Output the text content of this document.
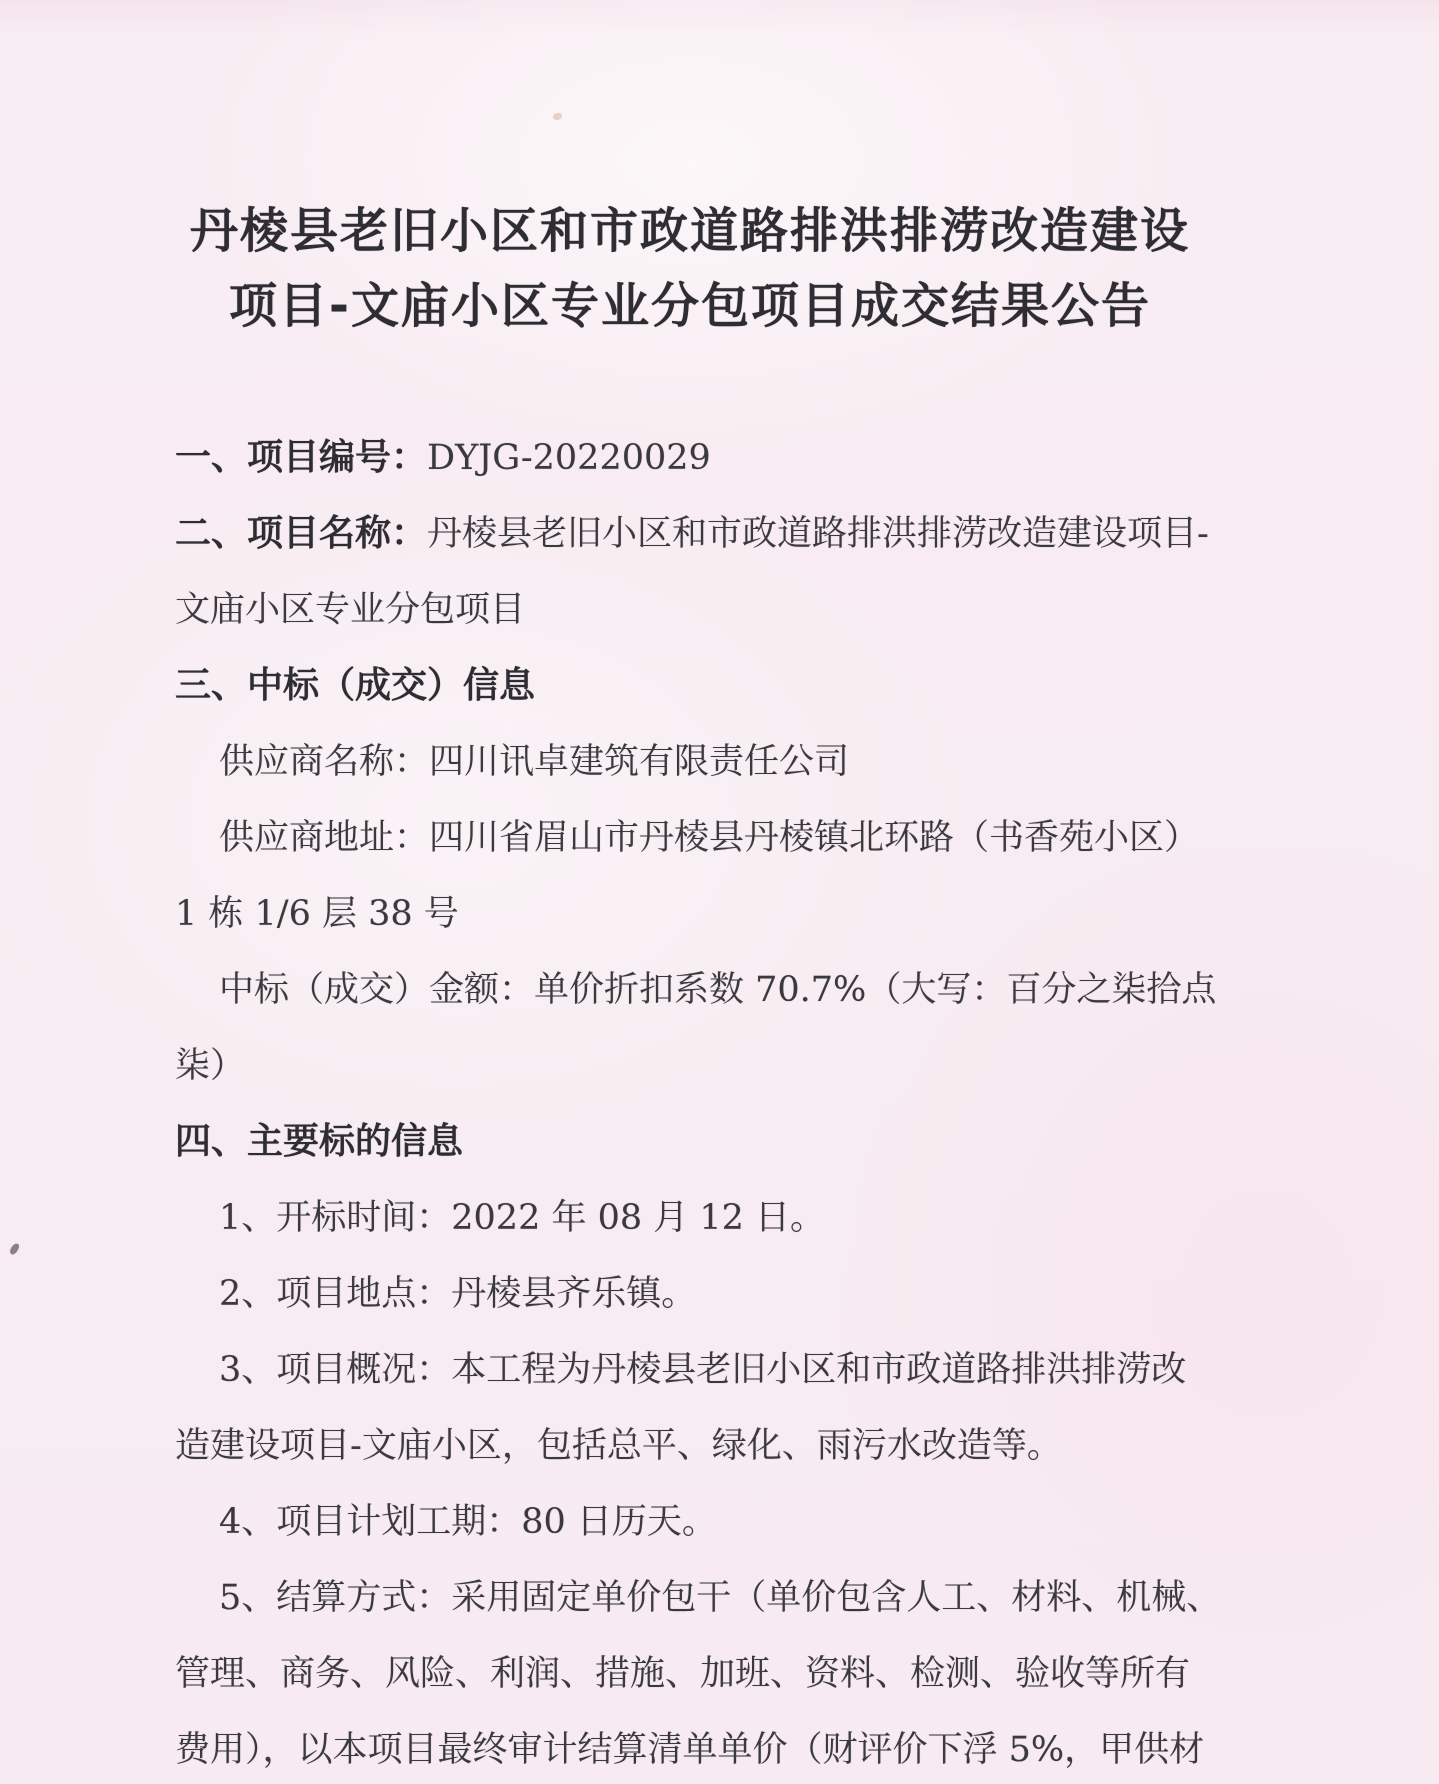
丹棱县老旧小区和市政道路排洪排涝改造建设
项目-文庙小区专业分包项目成交结果公告
一、项目编号：DYJG-20220029
二、项目名称：丹棱县老旧小区和市政道路排洪排涝改造建设项目-
文庙小区专业分包项目
三、中标（成交）信息
供应商名称：四川讯卓建筑有限责任公司
供应商地址：四川省眉山市丹棱县丹棱镇北环路（书香苑小区）
1 栋 1/6 层 38 号
中标（成交）金额：单价折扣系数 70.7%（大写：百分之柒拾点
柒）
四、主要标的信息
1、开标时间：2022 年 08 月 12 日。
2、项目地点：丹棱县齐乐镇。
3、项目概况：本工程为丹棱县老旧小区和市政道路排洪排涝改
造建设项目-文庙小区，包括总平、绿化、雨污水改造等。
4、项目计划工期：80 日历天。
5、结算方式：采用固定单价包干（单价包含人工、材料、机械、
管理、商务、风险、利润、措施、加班、资料、检测、验收等所有
费用），以本项目最终审计结算清单单价（财评价下浮 5%，甲供材
